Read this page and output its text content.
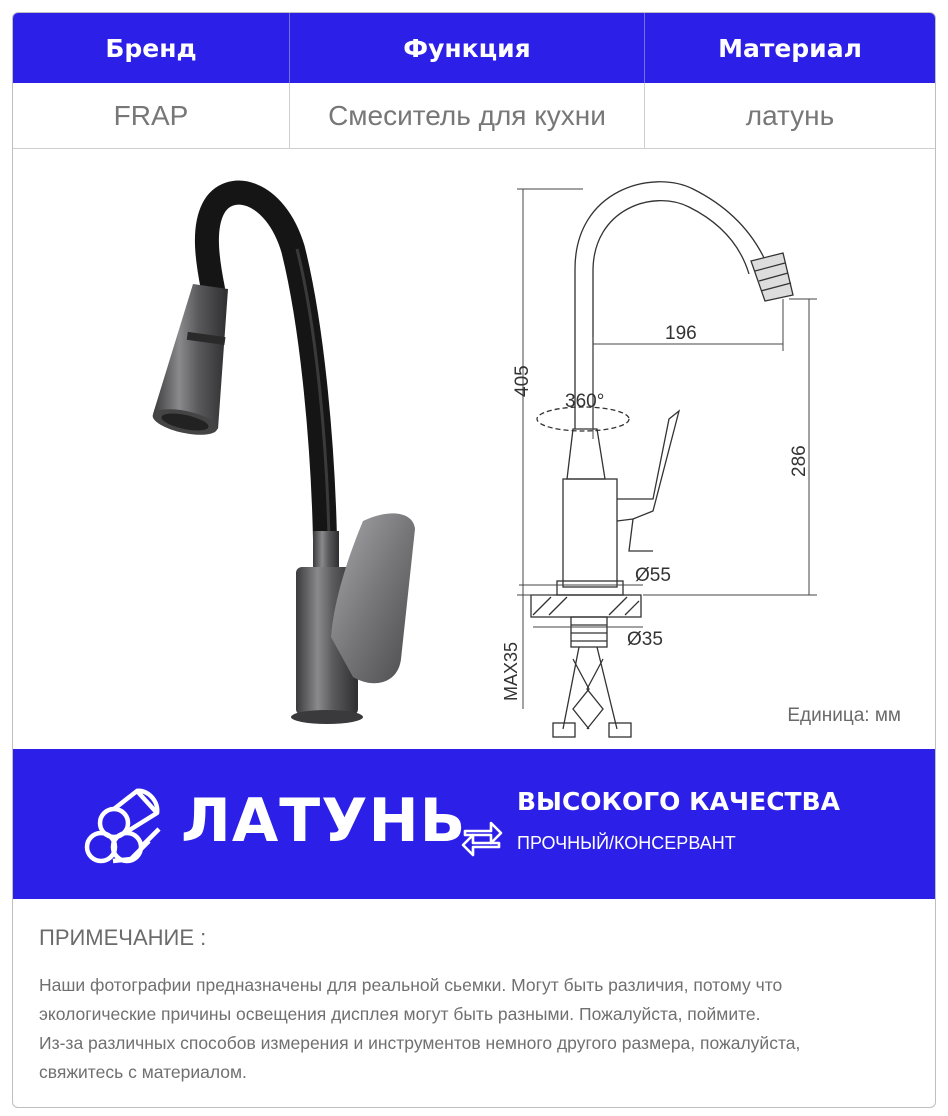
Бренд	Функция	Материал
FRAP	Смеситель для кухни	латунь
405
196
286
360°
Ø55
Ø35
MAX35
Единица: мм
ЛАТУНЬ ВЫСОКОГО КАЧЕСТВА
ПРОЧНЫЙ/КОНСЕРВАНТ
ПРИМЕЧАНИЕ :
Наши фотографии предназначены для реальной сьемки. Могут быть различия, потому что
экологические причины освещения дисплея могут быть разными. Пожалуйста, поймите.
Из-за различных способов измерения и инструментов немного другого размера, пожалуйста,
свяжитесь с материалом.
